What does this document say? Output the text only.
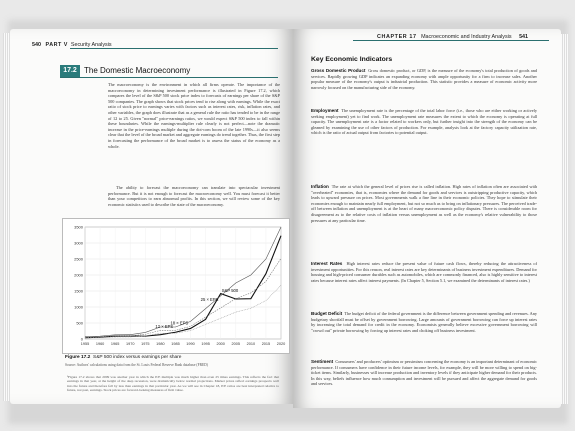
540 PART V Security Analysis
17.2 The Domestic Macroeconomy
The macroeconomy is the environment in which all firms operate. The importance of the macroeconomy in determining investment performance is illustrated in Figure 17.2, which compares the level of the S&P 500 stock price index to forecasts of earnings per share of the S&P 500 companies. The graph shows that stock prices tend to rise along with earnings. While the exact ratio of stock price to earnings varies with factors such as interest rates, risk, inflation rates, and other variables, the graph does illustrate that as a general rule the ratio has tended to be in the range of 12 to 25. Given "normal" price-earnings ratios, we would expect S&P 500 index to fall within these boundaries. While the earnings-multiplier rule clearly is not perfect—note the dramatic increase in the price-earnings multiple during the dot-com boom of the late 1990s—it also seems clear that the level of the broad market and aggregate earnings do trend together. Thus, the first step in forecasting the performance of the broad market is to assess the status of the economy as a whole.
The ability to forecast the macroeconomy can translate into spectacular investment performance. But it is not enough to forecast the macroeconomy well. You must forecast it better than your competitors to earn abnormal profits. In this section, we will review some of the key economic statistics used to describe the state of the macroeconomy.
0
500
1000
1500
2000
2500
3000
3500
1955 1960 1965 1970 1975 1980 1985 1990 1995 2000 2005 2010 2015 2020
12 × EPS
18 × EPS
25 × EPS
S&P 500
Figure 17.2 S&P 500 index versus earnings per share
Source: Authors' calculations using data from the St. Louis Federal Reserve Bank database (FRED)
¹Figure 17.2 shows that 2009 was another year in which the P/E multiple was much higher than even 25 times earnings. This reflects the fact that earnings in that year, at the height of the deep recession, were dramatically below normal projections. Market prices reflect earnings prospects well into the future and therefore fell by less than earnings in that particular year. As we will see in Chapter 18, P/E ratios are best interpreted relative to future, not past, earnings. Stock prices are forward-looking measures of firm value.
CHAPTER 17 Macroeconomic and Industry Analysis 541
Key Economic Indicators
Gross Domestic Product Gross domestic product, or GDP, is the measure of the economy's total production of goods and services. Rapidly growing GDP indicates an expanding economy with ample opportunity for a firm to increase sales. Another popular measure of the economy's output is industrial production. This statistic provides a measure of economic activity more narrowly focused on the manufacturing side of the economy.
Employment The unemployment rate is the percentage of the total labor force (i.e., those who are either working or actively seeking employment) yet to find work. The unemployment rate measures the extent to which the economy is operating at full capacity. The unemployment rate is a factor related to workers only, but further insight into the strength of the economy can be gleaned by examining the use of other factors of production. For example, analysts look at the factory capacity utilization rate, which is the ratio of actual output from factories to potential output.
Inflation The rate at which the general level of prices rise is called inflation. High rates of inflation often are associated with "overheated" economies, that is, economies where the demand for goods and services is outstripping productive capacity, which leads to upward pressure on prices. Most governments walk a fine line in their economic policies. They hope to stimulate their economies enough to maintain nearly full employment, but not so much as to bring on inflationary pressures. The perceived trade-off between inflation and unemployment is at the heart of many macroeconomic policy disputes. There is considerable room for disagreement as to the relative costs of inflation versus unemployment as well as the economy's relative vulnerability to those pressures at any particular time.
Interest Rates High interest rates reduce the present value of future cash flows, thereby reducing the attractiveness of investment opportunities. For this reason, real interest rates are key determinants of business investment expenditures. Demand for housing and high-priced consumer durables such as automobiles, which are commonly financed, also is highly sensitive to interest rates because interest rates affect interest payments. (In Chapter 5, Section 5.1, we examined the determinants of interest rates.)
Budget Deficit The budget deficit of the federal government is the difference between government spending and revenues. Any budgetary shortfall must be offset by government borrowing. Large amounts of government borrowing can force up interest rates by increasing the total demand for credit in the economy. Economists generally believe excessive government borrowing will "crowd out" private borrowing by forcing up interest rates and choking off business investment.
Sentiment Consumers' and producers' optimism or pessimism concerning the economy is an important determinant of economic performance. If consumers have confidence in their future income levels, for example, they will be more willing to spend on big-ticket items. Similarly, businesses will increase production and inventory levels if they anticipate higher demand for their products. In this way, beliefs influence how much consumption and investment will be pursued and affect the aggregate demand for goods and services.
